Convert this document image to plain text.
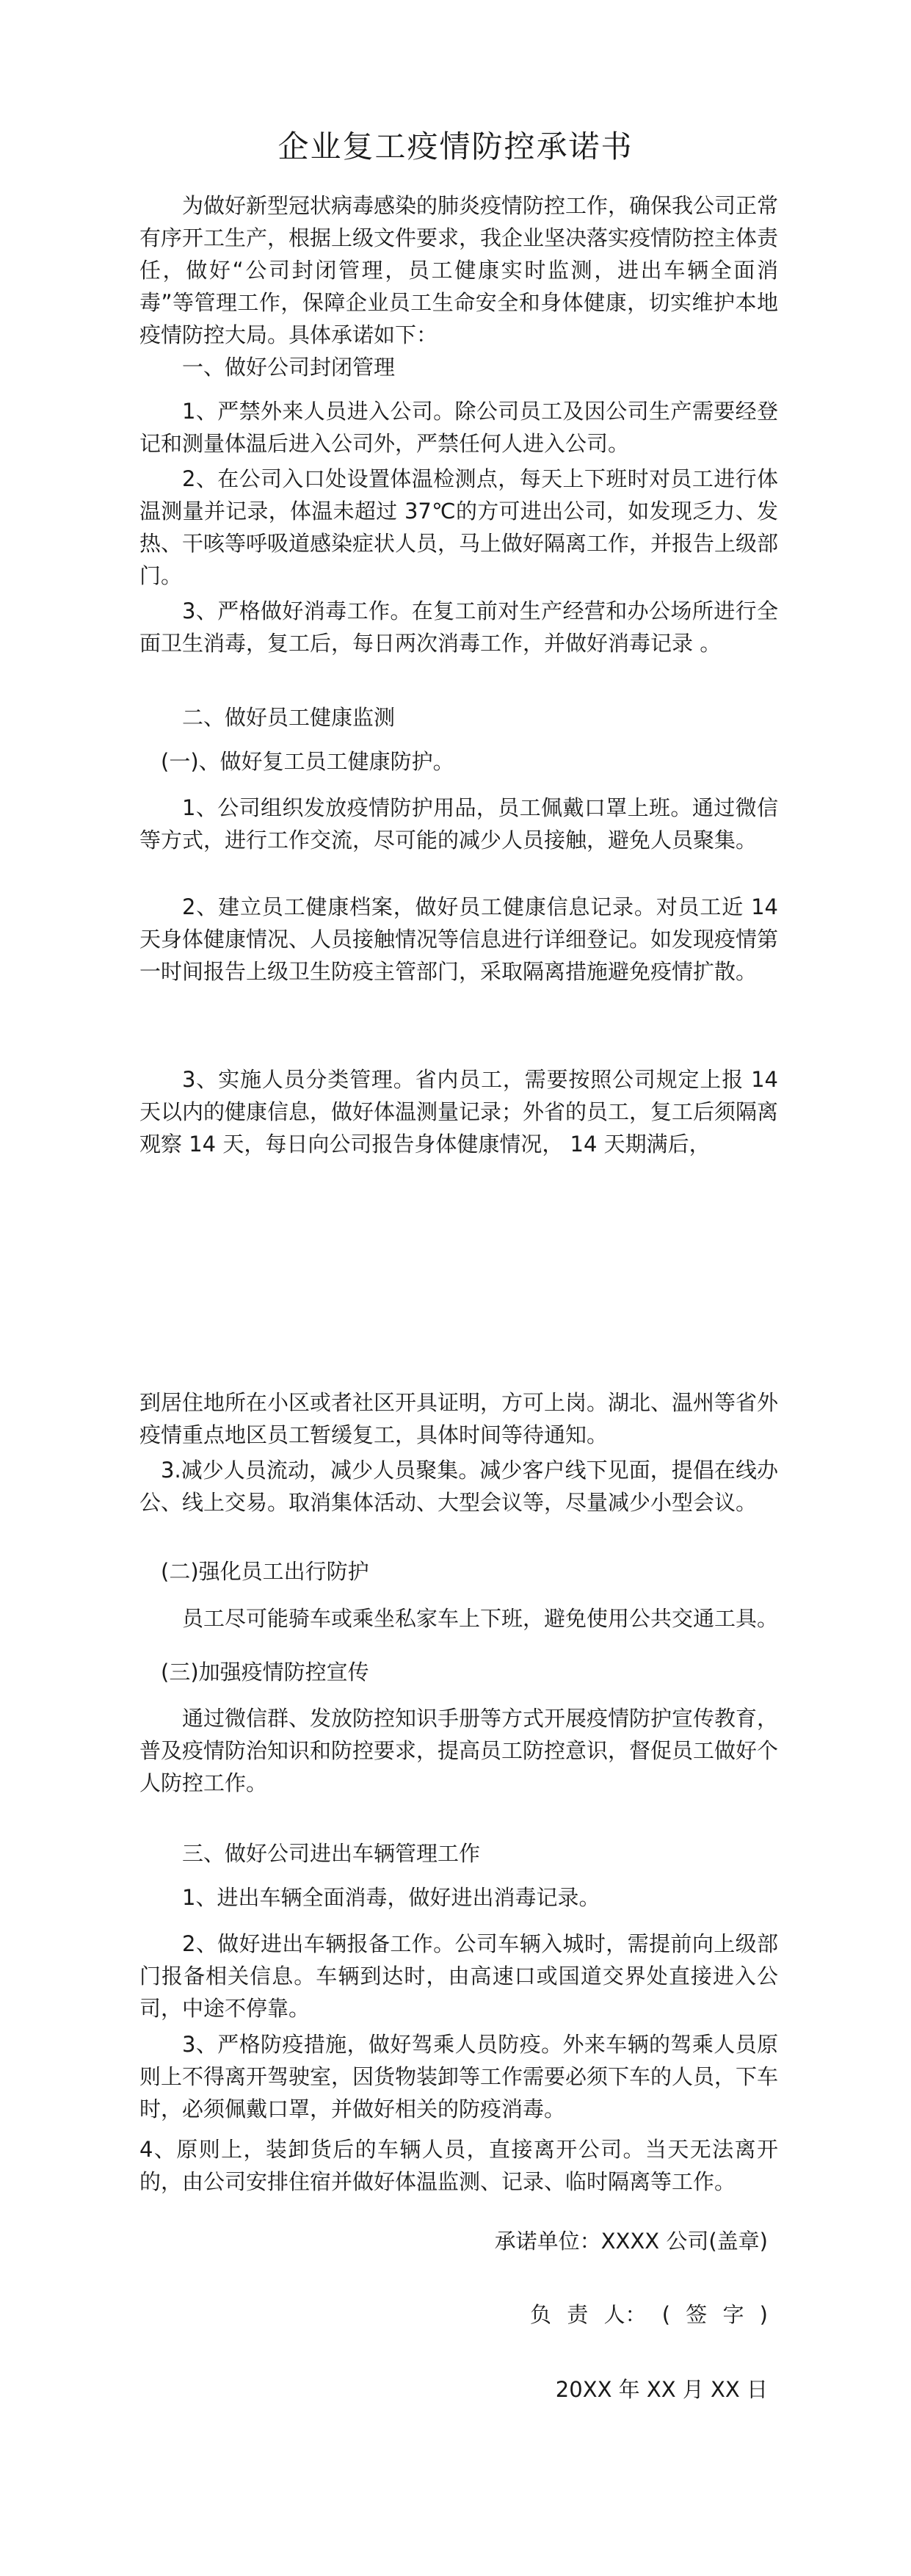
企业复工疫情防控承诺书
为做好新型冠状病毒感染的肺炎疫情防控工作，确保我公司正常有序开工生产，根据上级文件要求，我企业坚决落实疫情防控主体责任，做好“公司封闭管理，员工健康实时监测，进出车辆全面消毒”等管理工作，保障企业员工生命安全和身体健康，切实维护本地疫情防控大局。具体承诺如下：
一、做好公司封闭管理
1、严禁外来人员进入公司。除公司员工及因公司生产需要经登记和测量体温后进入公司外，严禁任何人进入公司。
2、在公司入口处设置体温检测点，每天上下班时对员工进行体温测量并记录，体温未超过 37℃的方可进出公司，如发现乏力、发热、干咳等呼吸道感染症状人员，马上做好隔离工作，并报告上级部门。
3、严格做好消毒工作。在复工前对生产经营和办公场所进行全面卫生消毒，复工后，每日两次消毒工作，并做好消毒记录 。
二、做好员工健康监测
(一)、做好复工员工健康防护。
1、公司组织发放疫情防护用品，员工佩戴口罩上班。通过微信等方式，进行工作交流，尽可能的减少人员接触，避免人员聚集。
2、建立员工健康档案，做好员工健康信息记录。对员工近 14 天身体健康情况、人员接触情况等信息进行详细登记。如发现疫情第一时间报告上级卫生防疫主管部门，采取隔离措施避免疫情扩散。
3、实施人员分类管理。省内员工，需要按照公司规定上报 14 天以内的健康信息，做好体温测量记录；外省的员工，复工后须隔离观察 14 天，每日向公司报告身体健康情况， 14 天期满后，
到居住地所在小区或者社区开具证明，方可上岗。湖北、温州等省外疫情重点地区员工暂缓复工，具体时间等待通知。
3.减少人员流动，减少人员聚集。减少客户线下见面，提倡在线办公、线上交易。取消集体活动、大型会议等，尽量减少小型会议。
(二)强化员工出行防护
员工尽可能骑车或乘坐私家车上下班，避免使用公共交通工具。
(三)加强疫情防控宣传
通过微信群、发放防控知识手册等方式开展疫情防护宣传教育，普及疫情防治知识和防控要求，提高员工防控意识，督促员工做好个人防控工作。
三、做好公司进出车辆管理工作
1、进出车辆全面消毒，做好进出消毒记录。
2、做好进出车辆报备工作。公司车辆入城时，需提前向上级部门报备相关信息。车辆到达时，由高速口或国道交界处直接进入公司，中途不停靠。
3、严格防疫措施，做好驾乘人员防疫。外来车辆的驾乘人员原则上不得离开驾驶室，因货物装卸等工作需要必须下车的人员，下车时，必须佩戴口罩，并做好相关的防疫消毒。
4、原则上，装卸货后的车辆人员，直接离开公司。当天无法离开的，由公司安排住宿并做好体温监测、记录、临时隔离等工作。
承诺单位：XXXX 公司(盖章)
负 责 人： ( 签 字 )
20XX 年 XX 月 XX 日
